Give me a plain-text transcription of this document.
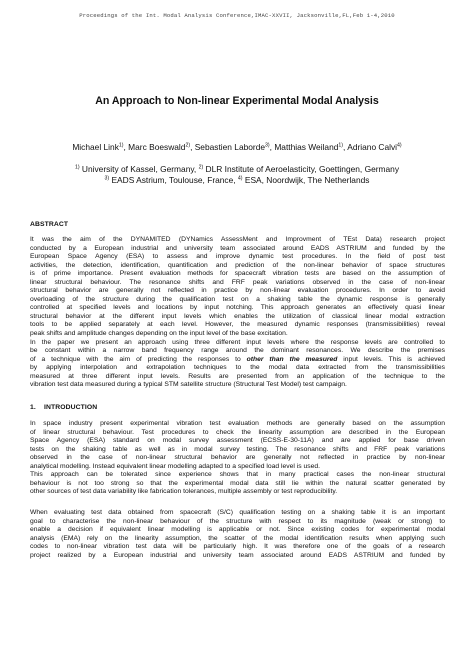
Proceedings of the Int. Modal Analysis Conference,IMAC-XXVII, Jacksonville,FL,Feb 1-4,2010
An Approach to Non-linear Experimental Modal Analysis
Michael Link$^{1)}$, Marc Boeswald$^{2)}$, Sebastien Laborde$^{3)}$, Matthias Weiland$^{1)}$, Adriano Calvi$^{4)}$
$^{1)}$ University of Kassel, Germany, $^{2)}$ DLR Institute of Aeroelasticity, Goettingen, Germany
$^{3)}$ EADS Astrium, Toulouse, France, $^{4)}$ ESA, Noordwijk, The Netherlands
ABSTRACT
It was the aim of the DYNAMITED (DYNamics AssessMent and Improvment of TEst Data) research project
conducted by a European industrial and university team associated around EADS ASTRIUM and funded by the
European Space Agency (ESA) to assess and improve dynamic test procedures. In the field of post test
activities, the detection, identification, quantification and prediction of the non-linear behavior of space structures
is of prime importance. Present evaluation methods for spacecraft vibration tests are based on the assumption of
linear structural behaviour. The resonance shifts and FRF peak variations observed in the case of non-linear
structural behavior are generally not reflected in practice by non-linear evaluation procedures. In order to avoid
overloading of the structure during the qualification test on a shaking table the dynamic response is generally
controlled at specified levels and locations by input notching. This approach generates an effectively quasi linear
structural behavior at the different input levels which enables the utilization of classical linear modal extraction
tools to be applied separately at each level. However, the measured dynamic responses (transmissibilities) reveal
peak shifts and amplitude changes depending on the input level of the base excitation.
In the paper we present an approach using three different input levels where the response levels are controlled to
be constant within a narrow band frequency range around the dominant resonances. We describe the premises
of a technique with the aim of predicting the responses to other than the measured input levels. This is achieved
by applying interpolation and extrapolation techniques to the modal data extracted from the transmissibilities
measured at three different input levels. Results are presented from an application of the technique to the
vibration test data measured during a typical STM satellite structure (Structural Test Model) test campaign.
1. INTRODUCTION
In space industry present experimental vibration test evaluation methods are generally based on the assumption
of linear structural behaviour. Test procedures to check the linearity assumption are described in the European
Space Agency (ESA) standard on modal survey assessment (ECSS-E-30-11A) and are applied for base driven
tests on the shaking table as well as in modal survey testing. The resonance shifts and FRF peak variations
observed in the case of non-linear structural behavior are generally not reflected in practice by non-linear
analytical modelling. Instead equivalent linear modelling adapted to a specified load level is used.
This approach can be tolerated since experience shows that in many practical cases the non-linear structural
behaviour is not too strong so that the experimental modal data still lie within the natural scatter generated by
other sources of test data variability like fabrication tolerances, multiple assembly or test reproducibility.
When evaluating test data obtained from spacecraft (S/C) qualification testing on a shaking table it is an important
goal to characterise the non-linear behaviour of the structure with respect to its magnitude (weak or strong) to
enable a decision if equivalent linear modelling is applicable or not. Since existing codes for experimental modal
analysis (EMA) rely on the linearity assumption, the scatter of the modal identification results when applying such
codes to non-linear vibration test data will be particularly high. It was therefore one of the goals of a research
project realized by a European industrial and university team associated around EADS ASTRIUM and funded by
